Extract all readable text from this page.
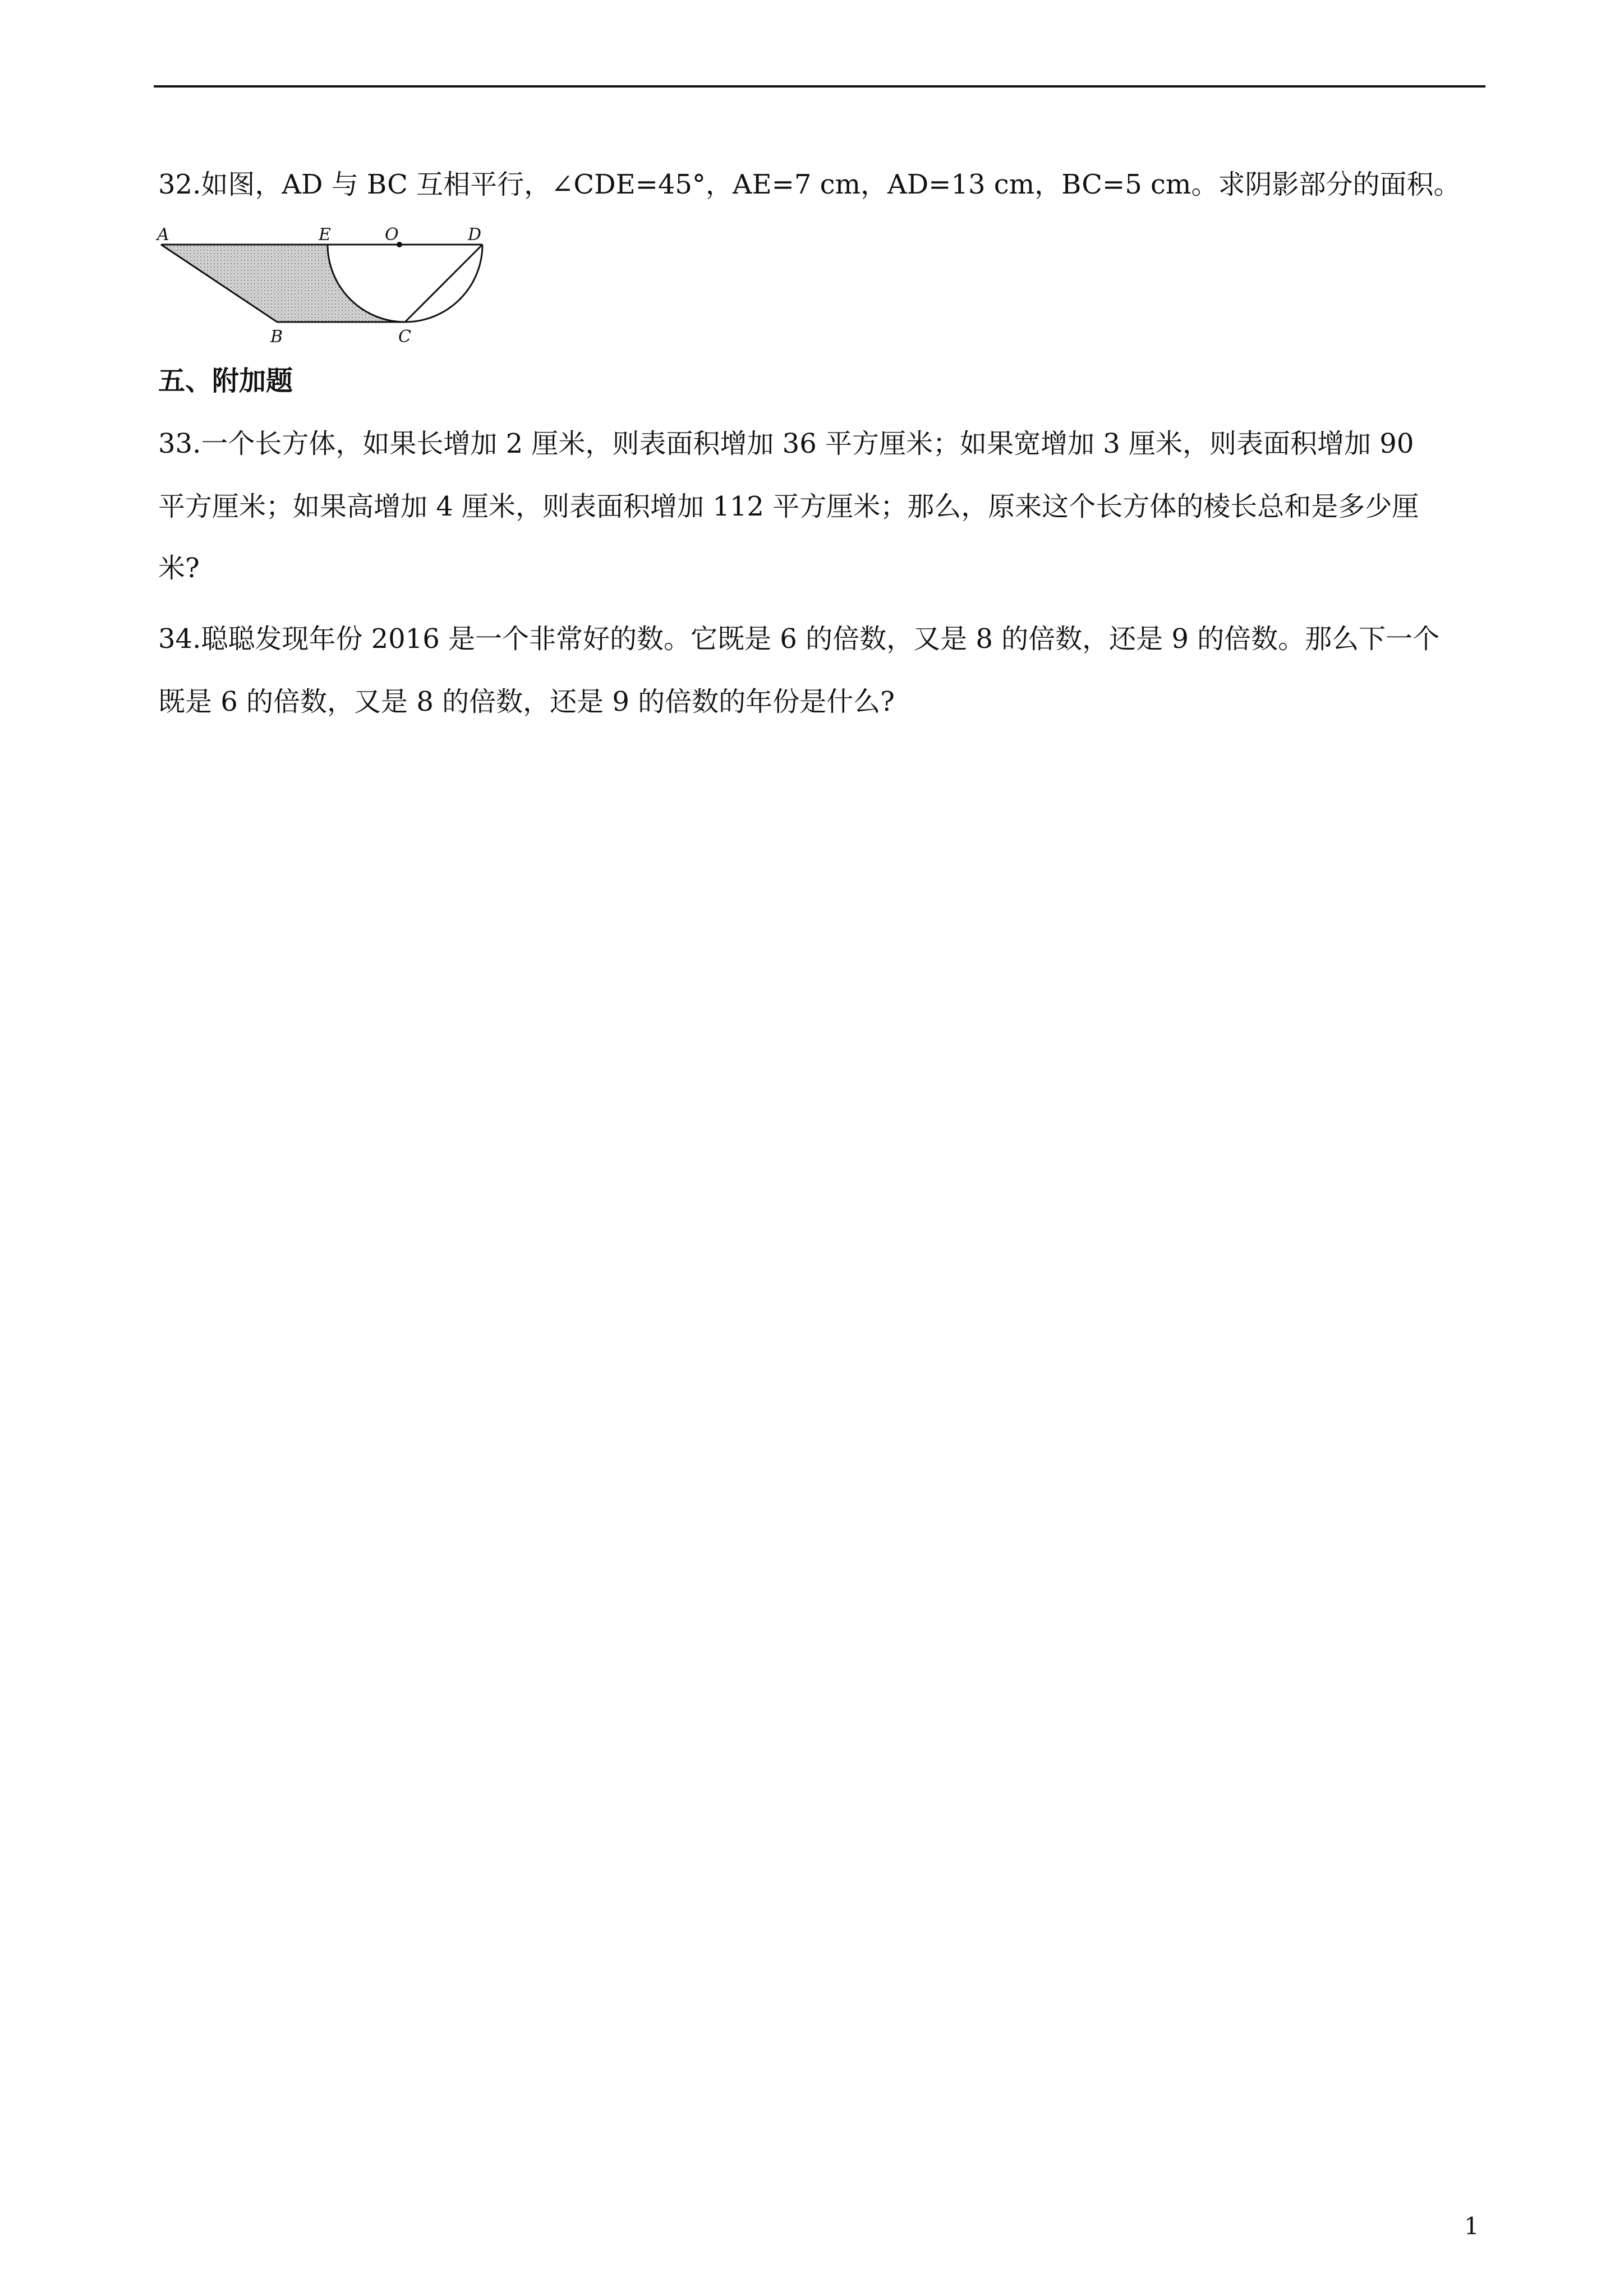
32.如图，AD 与 BC 互相平行，∠CDE=45°，AE=7 cm，AD=13 cm，BC=5 cm。求阴影部分的面积。
A	E	O	D
B	C
五、附加题
33.一个长方体，如果长增加 2 厘米，则表面积增加 36 平方厘米；如果宽增加 3 厘米，则表面积增加 90
平方厘米；如果高增加 4 厘米，则表面积增加 112 平方厘米；那么，原来这个长方体的棱长总和是多少厘
米?
34.聪聪发现年份 2016 是一个非常好的数。它既是 6 的倍数，又是 8 的倍数，还是 9 的倍数。那么下一个
既是 6 的倍数，又是 8 的倍数，还是 9 的倍数的年份是什么?
1
